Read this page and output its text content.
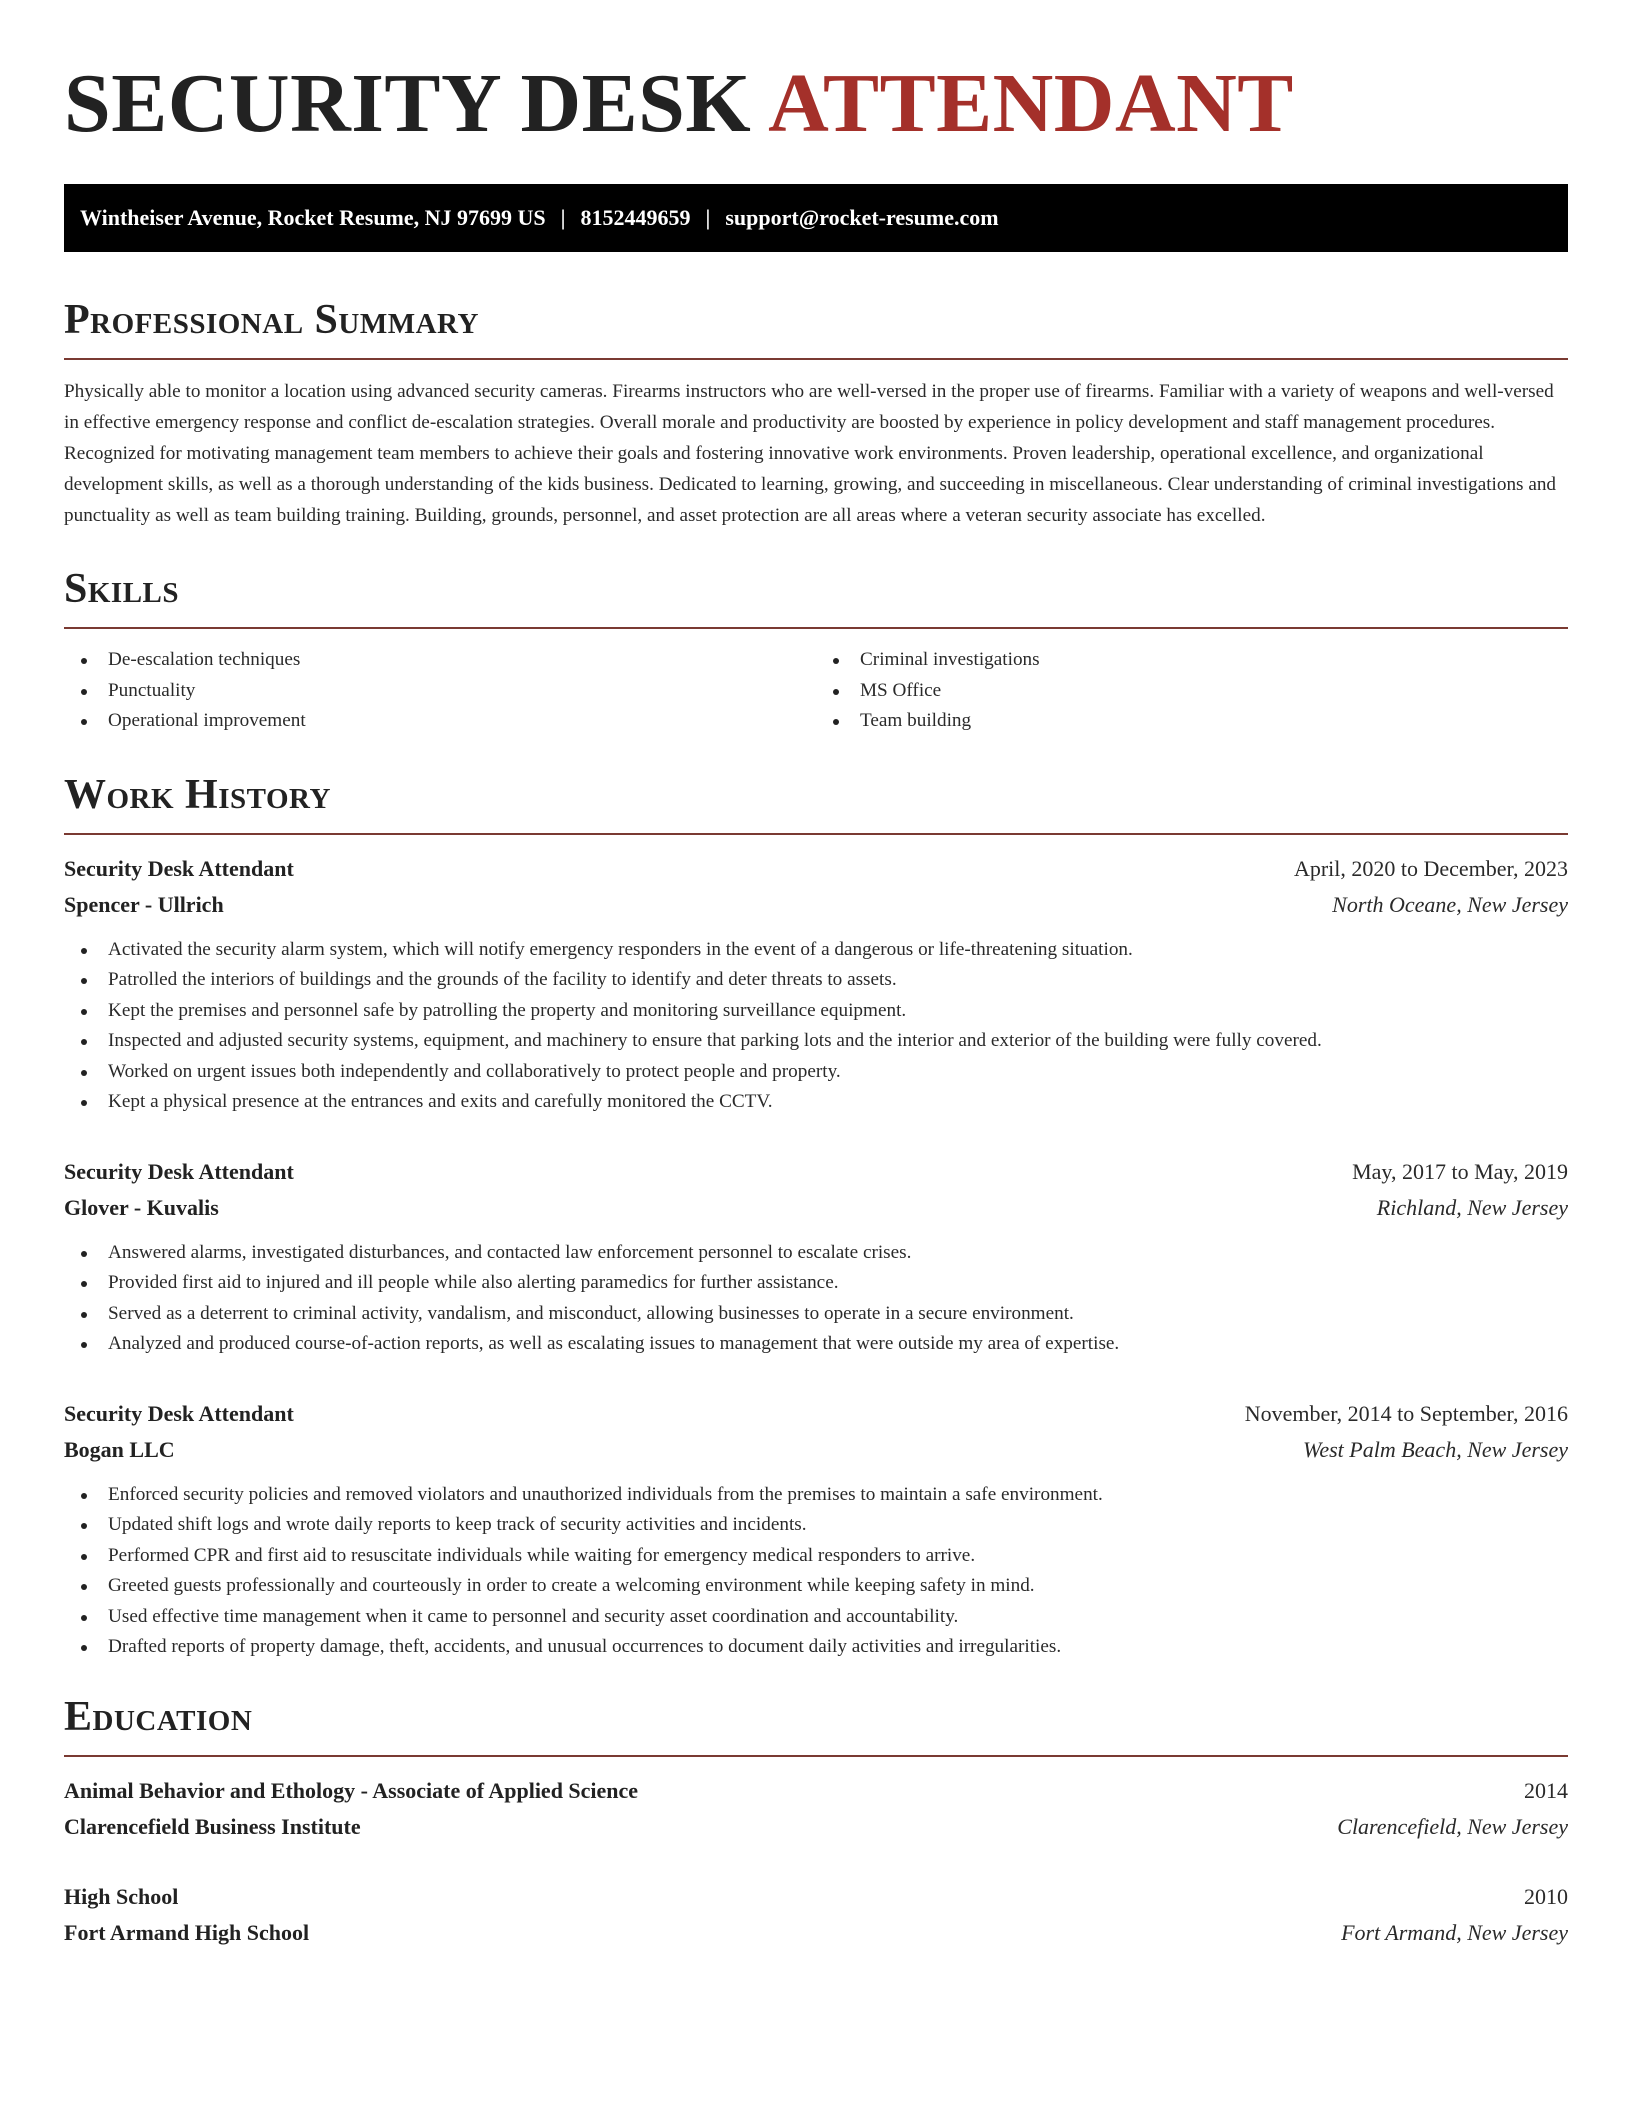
SECURITY DESK ATTENDANT
Wintheiser Avenue, Rocket Resume, NJ 97699 US | 8152449659 | support@rocket-resume.com
Professional Summary

Physically able to monitor a location using advanced security cameras. Firearms instructors who are well-versed in the proper use of firearms. Familiar with a variety of weapons and well-versed in effective emergency response and conflict de-escalation strategies. Overall morale and productivity are boosted by experience in policy development and staff management procedures. Recognized for motivating management team members to achieve their goals and fostering innovative work environments. Proven leadership, operational excellence, and organizational development skills, as well as a thorough understanding of the kids business. Dedicated to learning, growing, and succeeding in miscellaneous. Clear understanding of criminal investigations and punctuality as well as team building training. Building, grounds, personnel, and asset protection are all areas where a veteran security associate has excelled.

Skills
De-escalation techniques
Punctuality
Operational improvement
Criminal investigations
MS Office
Team building
Work History
Security Desk Attendant	April, 2020 to December, 2023
Spencer - Ullrich	North Oceane, New Jersey
Activated the security alarm system, which will notify emergency responders in the event of a dangerous or life-threatening situation.
Patrolled the interiors of buildings and the grounds of the facility to identify and deter threats to assets.
Kept the premises and personnel safe by patrolling the property and monitoring surveillance equipment.
Inspected and adjusted security systems, equipment, and machinery to ensure that parking lots and the interior and exterior of the building were fully covered.
Worked on urgent issues both independently and collaboratively to protect people and property.
Kept a physical presence at the entrances and exits and carefully monitored the CCTV.
Security Desk Attendant	May, 2017 to May, 2019
Glover - Kuvalis	Richland, New Jersey
Answered alarms, investigated disturbances, and contacted law enforcement personnel to escalate crises.
Provided first aid to injured and ill people while also alerting paramedics for further assistance.
Served as a deterrent to criminal activity, vandalism, and misconduct, allowing businesses to operate in a secure environment.
Analyzed and produced course-of-action reports, as well as escalating issues to management that were outside my area of expertise.
Security Desk Attendant	November, 2014 to September, 2016
Bogan LLC	West Palm Beach, New Jersey
Enforced security policies and removed violators and unauthorized individuals from the premises to maintain a safe environment.
Updated shift logs and wrote daily reports to keep track of security activities and incidents.
Performed CPR and first aid to resuscitate individuals while waiting for emergency medical responders to arrive.
Greeted guests professionally and courteously in order to create a welcoming environment while keeping safety in mind.
Used effective time management when it came to personnel and security asset coordination and accountability.
Drafted reports of property damage, theft, accidents, and unusual occurrences to document daily activities and irregularities.
Education
Animal Behavior and Ethology - Associate of Applied Science	2014
Clarencefield Business Institute	Clarencefield, New Jersey
High School	2010
Fort Armand High School	Fort Armand, New Jersey
